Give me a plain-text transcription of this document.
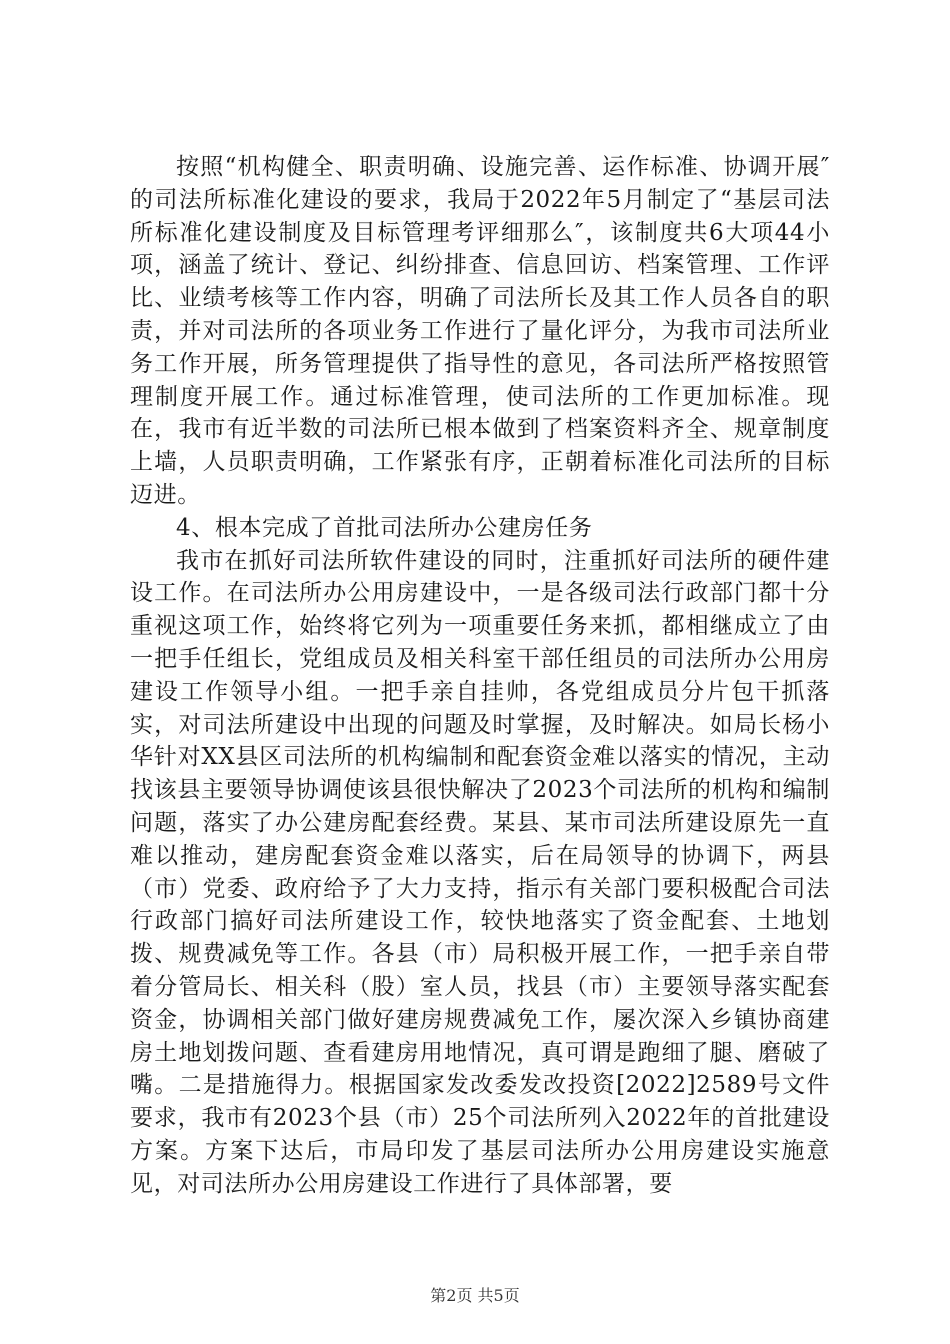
按照“机构健全、职责明确、设施完善、运作标准、协调开展″的司法所标准化建设的要求，我局于2022年5月制定了“基层司法所标准化建设制度及目标管理考评细那么″，该制度共6大项44小项，涵盖了统计、登记、纠纷排查、信息回访、档案管理、工作评比、业绩考核等工作内容，明确了司法所长及其工作人员各自的职责，并对司法所的各项业务工作进行了量化评分，为我市司法所业务工作开展，所务管理提供了指导性的意见，各司法所严格按照管理制度开展工作。通过标准管理，使司法所的工作更加标准。现在，我市有近半数的司法所已根本做到了档案资料齐全、规章制度上墙，人员职责明确，工作紧张有序，正朝着标准化司法所的目标迈进。

4、根本完成了首批司法所办公建房任务

我市在抓好司法所软件建设的同时，注重抓好司法所的硬件建设工作。在司法所办公用房建设中，一是各级司法行政部门都十分重视这项工作，始终将它列为一项重要任务来抓，都相继成立了由一把手任组长，党组成员及相关科室干部任组员的司法所办公用房建设工作领导小组。一把手亲自挂帅，各党组成员分片包干抓落实，对司法所建设中出现的问题及时掌握，及时解决。如局长杨小华针对XX县区司法所的机构编制和配套资金难以落实的情况，主动找该县主要领导协调使该县很快解决了2023个司法所的机构和编制问题，落实了办公建房配套经费。某县、某市司法所建设原先一直难以推动，建房配套资金难以落实，后在局领导的协调下，两县（市）党委、政府给予了大力支持，指示有关部门要积极配合司法行政部门搞好司法所建设工作，较快地落实了资金配套、土地划拨、规费减免等工作。各县（市）局积极开展工作，一把手亲自带着分管局长、相关科（股）室人员，找县（市）主要领导落实配套资金，协调相关部门做好建房规费减免工作，屡次深入乡镇协商建房土地划拨问题、查看建房用地情况，真可谓是跑细了腿、磨破了嘴。二是措施得力。根据国家发改委发改投资[2022]2589号文件要求，我市有2023个县（市）25个司法所列入2022年的首批建设方案。方案下达后，市局印发了基层司法所办公用房建设实施意见，对司法所办公用房建设工作进行了具体部署，要

第2页 共5页
